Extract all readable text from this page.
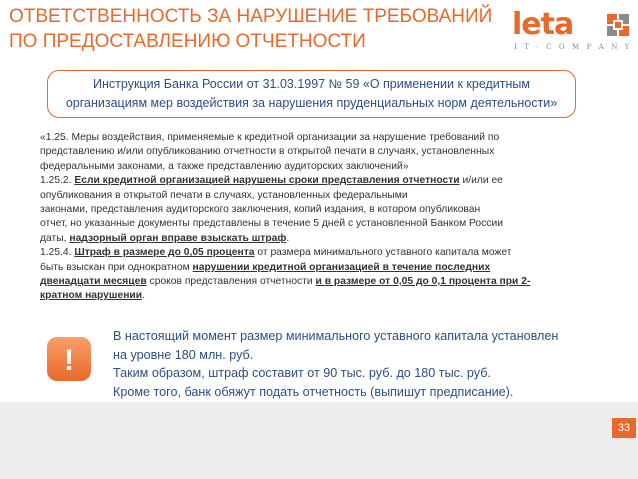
ОТВЕТСТВЕННОСТЬ ЗА НАРУШЕНИЕ ТРЕБОВАНИЙ
ПО ПРЕДОСТАВЛЕНИЮ ОТЧЕТНОСТИ	leta
I T - C O M P A N Y
Инструкция Банка России от 31.03.1997 № 59 «О применении к кредитным
организациям мер воздействия за нарушения пруденциальных норм деятельности»
«1.25. Меры воздействия, применяемые к кредитной организации за нарушение требований по
представлению и/или опубликованию отчетности в открытой печати в случаях, установленных
федеральными законами, а также представлению аудиторских заключений»
1.25.2. Если кредитной организацией нарушены сроки представления отчетности и/или ее
опубликования в открытой печати в случаях, установленных федеральными
законами, представления аудиторского заключения, копий издания, в котором опубликован
отчет, но указанные документы представлены в течение 5 дней с установленной Банком России
даты, надзорный орган вправе взыскать штраф.
1.25.4. Штраф в размере до 0,05 процента от размера минимального уставного капитала может
быть взыскан при однократном нарушении кредитной организацией в течение последних
двенадцати месяцев сроков представления отчетности и в размере от 0,05 до 0,1 процента при 2-
кратном нарушении.
!
В настоящий момент размер минимального уставного капитала установлен
на уровне 180 млн. руб.
Таким образом, штраф составит от 90 тыс. руб. до 180 тыс. руб.
Кроме того, банк обяжут подать отчетность (выпишут предписание).
33
